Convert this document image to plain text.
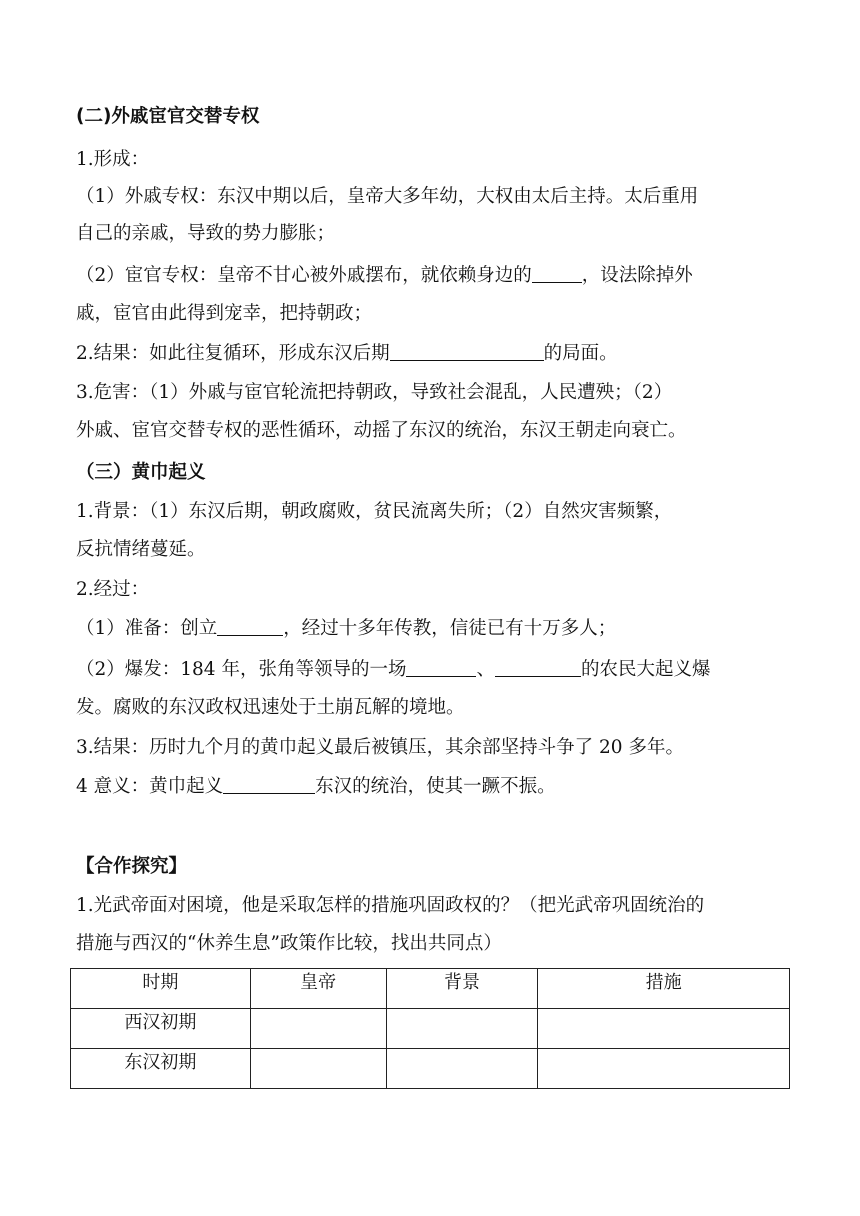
(二)外戚宦官交替专权
1.形成：
（1）外戚专权：东汉中期以后，皇帝大多年幼，大权由太后主持。太后重用
自己的亲戚，导致的势力膨胀；
（2）宦官专权：皇帝不甘心被外戚摆布，就依赖身边的	，设法除掉外
戚，宦官由此得到宠幸，把持朝政；
2.结果：如此往复循环，形成东汉后期	的局面。
3.危害：（1）外戚与宦官轮流把持朝政，导致社会混乱，人民遭殃；（2）
外戚、宦官交替专权的恶性循环，动摇了东汉的统治，东汉王朝走向衰亡。
（三）黄巾起义
1.背景：（1）东汉后期，朝政腐败，贫民流离失所；（2）自然灾害频繁，
反抗情绪蔓延。
2.经过：
（1）准备：创立	，经过十多年传教，信徒已有十万多人；
（2）爆发：184 年，张角等领导的一场	、	的农民大起义爆
发。腐败的东汉政权迅速处于土崩瓦解的境地。
3.结果：历时九个月的黄巾起义最后被镇压，其余部坚持斗争了 20 多年。
4 意义：黄巾起义	东汉的统治，使其一蹶不振。
【合作探究】
1.光武帝面对困境，他是采取怎样的措施巩固政权的？（把光武帝巩固统治的
措施与西汉的“休养生息”政策作比较，找出共同点）
时期	皇帝	背景	措施
西汉初期			
东汉初期			
